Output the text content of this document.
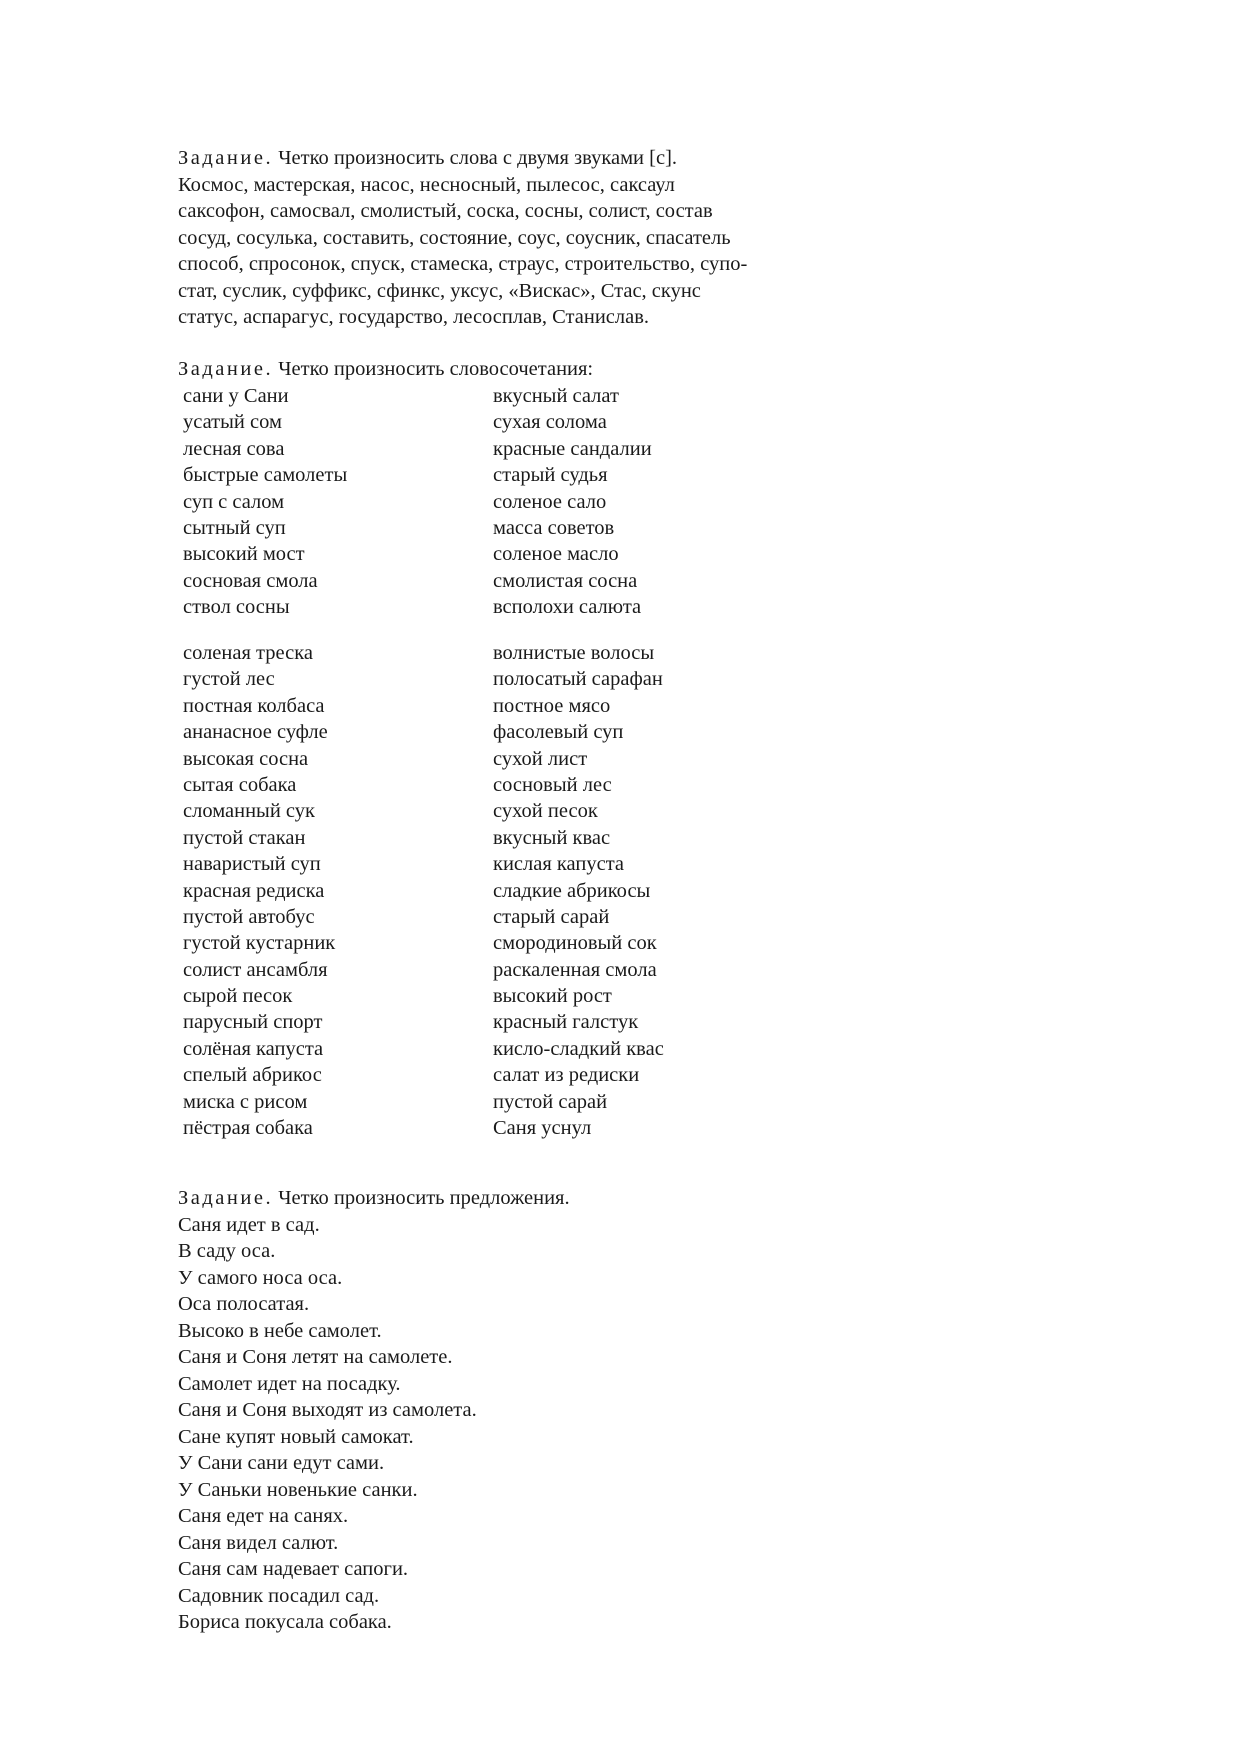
Задание. Четко произносить слова с двумя звуками [с].
Космос, мастерская, насос, несносный, пылесос, саксаул
саксофон, самосвал, смолистый, соска, сосны, солист, состав
сосуд, сосулька, составить, состояние, соус, соусник, спасатель
способ, спросонок, спуск, стамеска, страус, строительство, супо-
стат, суслик, суффикс, сфинкс, уксус, «Вискас», Стас, скунс
статус, аспарагус, государство, лесосплав, Станислав.
Задание. Четко произносить словосочетания:
сани у Сани	вкусный салат
усатый сом	сухая солома
лесная сова	красные сандалии
быстрые самолеты	старый судья
суп с салом	соленое сало
сытный суп	масса советов
высокий мост	соленое масло
сосновая смола	смолистая сосна
ствол сосны	всполохи салюта
соленая треска	волнистые волосы
густой лес	полосатый сарафан
постная колбаса	постное мясо
ананасное суфле	фасолевый суп
высокая сосна	сухой лист
сытая собака	сосновый лес
сломанный сук	сухой песок
пустой стакан	вкусный квас
наваристый суп	кислая капуста
красная редиска	сладкие абрикосы
пустой автобус	старый сарай
густой кустарник	смородиновый сок
солист ансамбля	раскаленная смола
сырой песок	высокий рост
парусный спорт	красный галстук
солёная капуста	кисло-сладкий квас
спелый абрикос	салат из редиски
миска с рисом	пустой сарай
пёстрая собака	Саня уснул
Задание. Четко произносить предложения.
Саня идет в сад.
В саду оса.
У самого носа оса.
Оса полосатая.
Высоко в небе самолет.
Саня и Соня летят на самолете.
Самолет идет на посадку.
Саня и Соня выходят из самолета.
Сане купят новый самокат.
У Сани сани едут сами.
У Саньки новенькие санки.
Саня едет на санях.
Саня видел салют.
Саня сам надевает сапоги.
Садовник посадил сад.
Бориса покусала собака.
